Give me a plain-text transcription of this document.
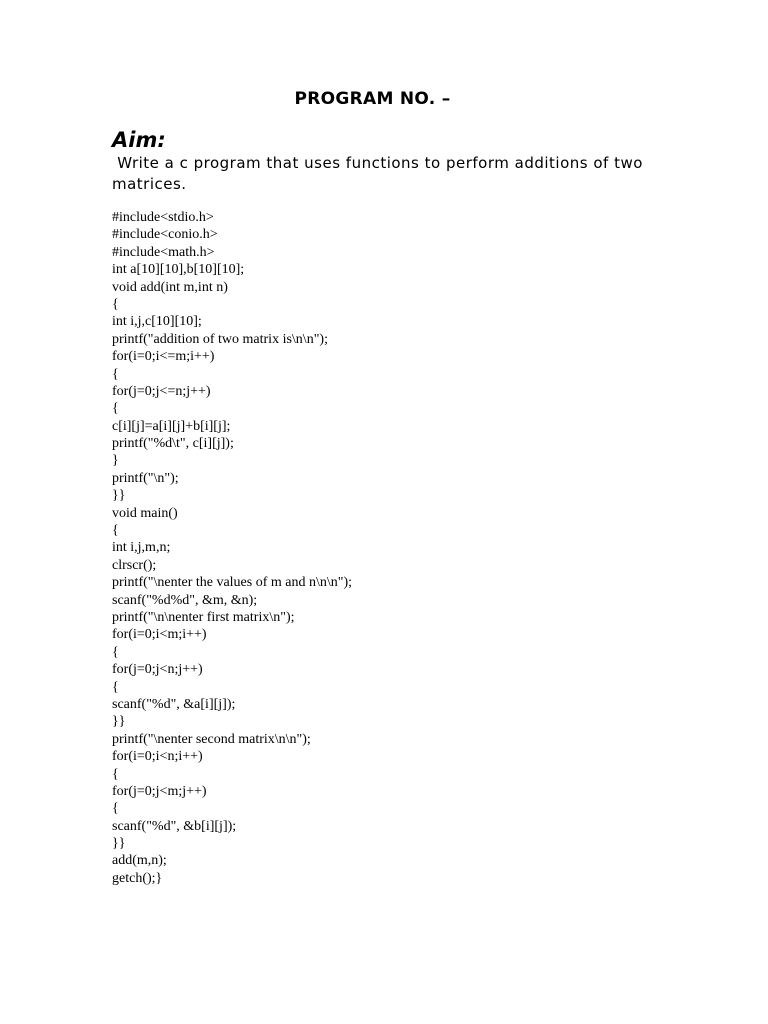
PROGRAM NO. –
Aim:
Write a c program that uses functions to perform additions of two matrices.
#include<stdio.h>
#include<conio.h>
#include<math.h>
int a[10][10],b[10][10];
void add(int m,int n)
{
int i,j,c[10][10];
printf("addition of two matrix is\n\n");
for(i=0;i<=m;i++)
{
for(j=0;j<=n;j++)
{
c[i][j]=a[i][j]+b[i][j];
printf("%d\t", c[i][j]);
}
printf("\n");
}}
void main()
{
int i,j,m,n;
clrscr();
printf("\nenter the values of m and n\n\n");
scanf("%d%d", &m, &n);
printf("\n\nenter first matrix\n");
for(i=0;i<m;i++)
{
for(j=0;j<n;j++)
{
scanf("%d", &a[i][j]);
}}
printf("\nenter second matrix\n\n");
for(i=0;i<n;i++)
{
for(j=0;j<m;j++)
{
scanf("%d", &b[i][j]);
}}
add(m,n);
getch();}
